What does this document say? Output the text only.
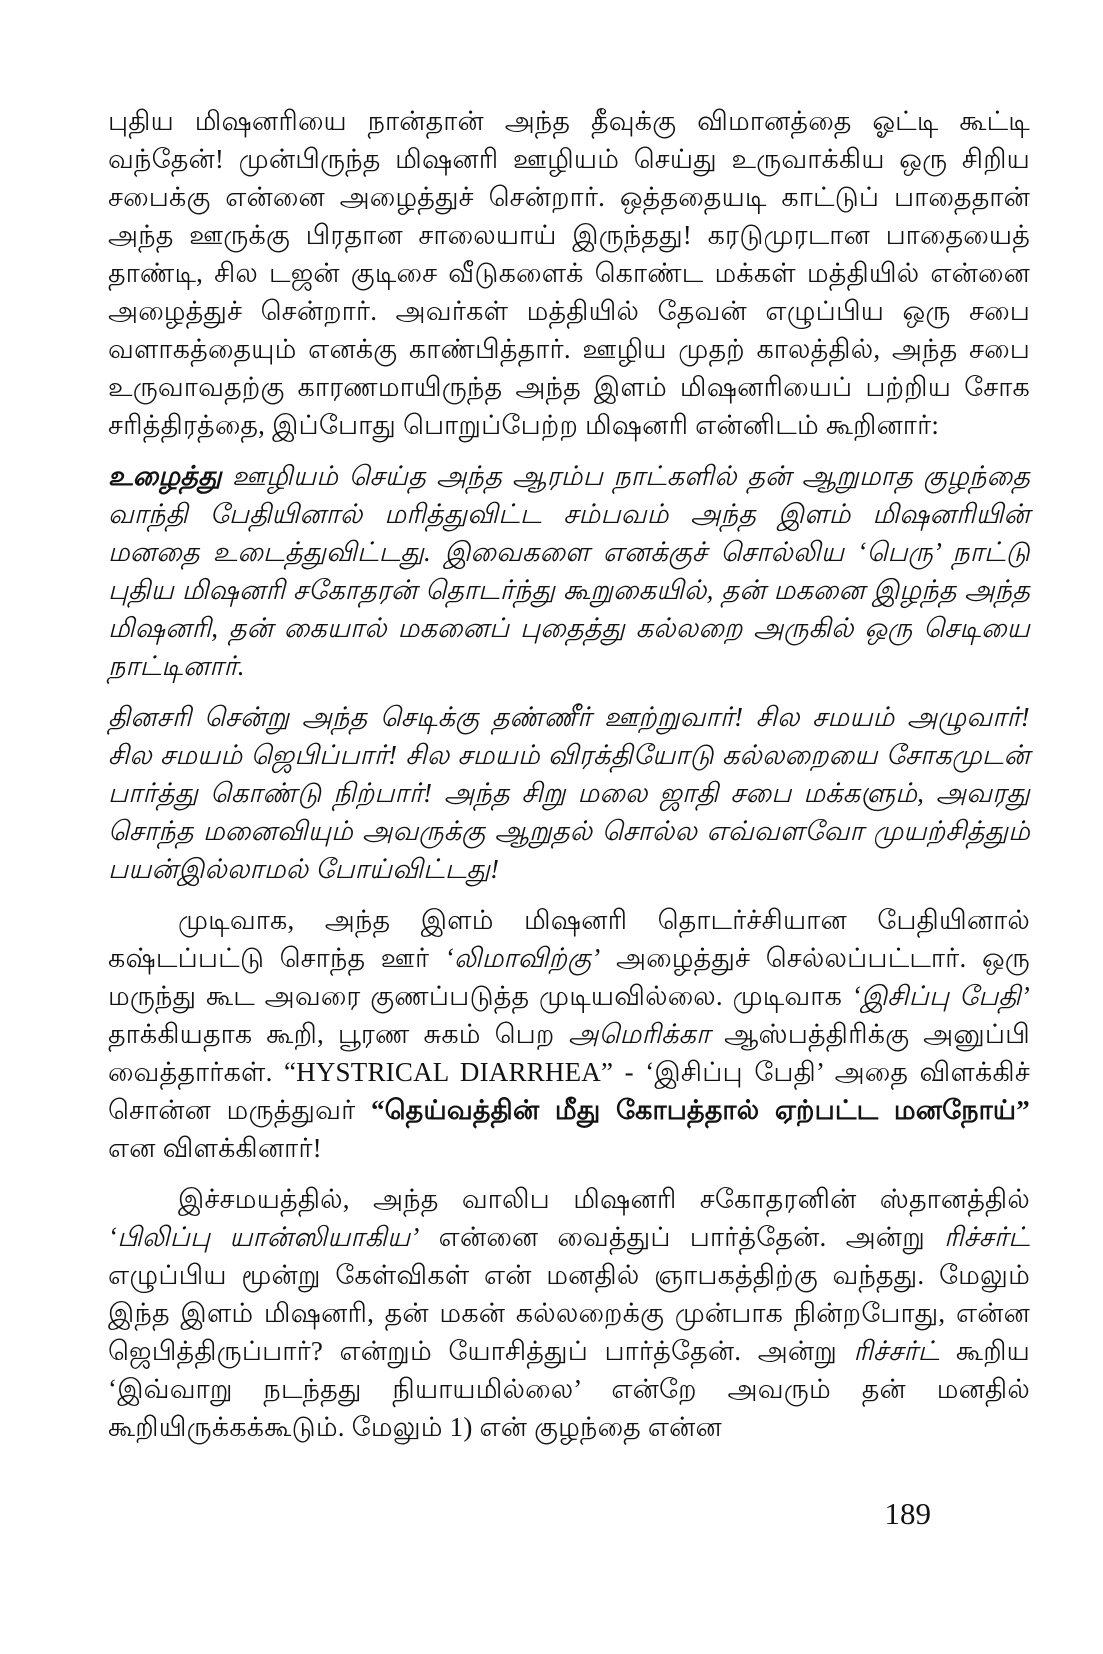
புதிய மிஷனரியை நான்தான் அந்த தீவுக்கு விமானத்தை ஓட்டி கூட்டி வந்தேன்! முன்பிருந்த மிஷனரி ஊழியம் செய்து உருவாக்கிய ஒரு சிறிய சபைக்கு என்னை அழைத்துச் சென்றார். ஒத்ததையடி காட்டுப் பாதைதான் அந்த ஊருக்கு பிரதான சாலையாய் இருந்தது! கரடுமுரடான பாதையைத் தாண்டி, சில டஜன் குடிசை வீடுகளைக் கொண்ட மக்கள் மத்தியில் என்னை அழைத்துச் சென்றார். அவர்கள் மத்தியில் தேவன் எழுப்பிய ஒரு சபை வளாகத்தையும் எனக்கு காண்பித்தார். ஊழிய முதற் காலத்தில், அந்த சபை உருவாவதற்கு காரணமாயிருந்த அந்த இளம் மிஷனரியைப் பற்றிய சோக சரித்திரத்தை, இப்போது பொறுப்பேற்ற மிஷனரி என்னிடம் கூறினார்:

உழைத்து ஊழியம் செய்த அந்த ஆரம்ப நாட்களில் தன் ஆறுமாத குழந்தை வாந்தி பேதியினால் மரித்துவிட்ட சம்பவம் அந்த இளம் மிஷனரியின் மனதை உடைத்துவிட்டது. இவைகளை எனக்குச் சொல்லிய ‘பெரு’ நாட்டு புதிய மிஷனரி சகோதரன் தொடர்ந்து கூறுகையில், தன் மகனை இழந்த அந்த மிஷனரி, தன் கையால் மகனைப் புதைத்து கல்லறை அருகில் ஒரு செடியை நாட்டினார்.

தினசரி சென்று அந்த செடிக்கு தண்ணீர் ஊற்றுவார்! சில சமயம் அழுவார்! சில சமயம் ஜெபிப்பார்! சில சமயம் விரக்தியோடு கல்லறையை சோகமுடன் பார்த்து கொண்டு நிற்பார்! அந்த சிறு மலை ஜாதி சபை மக்களும், அவரது சொந்த மனைவியும் அவருக்கு ஆறுதல் சொல்ல எவ்வளவோ முயற்சித்தும் பயன்இல்லாமல் போய்விட்டது!

முடிவாக, அந்த இளம் மிஷனரி தொடர்ச்சியான பேதியினால் கஷ்டப்பட்டு சொந்த ஊர் ‘லிமாவிற்கு’ அழைத்துச் செல்லப்பட்டார். ஒரு மருந்து கூட அவரை குணப்படுத்த முடியவில்லை. முடிவாக ‘இசிப்பு பேதி’ தாக்கியதாக கூறி, பூரண சுகம் பெற அமெரிக்கா ஆஸ்பத்திரிக்கு அனுப்பி வைத்தார்கள். “HYSTRICAL DIARRHEA” - ‘இசிப்பு பேதி’ அதை விளக்கிச் சொன்ன மருத்துவர் “தெய்வத்தின் மீது கோபத்தால் ஏற்பட்ட மனநோய்” என விளக்கினார்!

இச்சமயத்தில், அந்த வாலிப மிஷனரி சகோதரனின் ஸ்தானத்தில் ‘பிலிப்பு யான்ஸியாகிய’ என்னை வைத்துப் பார்த்தேன். அன்று ரிச்சர்ட் எழுப்பிய மூன்று கேள்விகள் என் மனதில் ஞாபகத்திற்கு வந்தது. மேலும் இந்த இளம் மிஷனரி, தன் மகன் கல்லறைக்கு முன்பாக நின்றபோது, என்ன ஜெபித்திருப்பார்? என்றும் யோசித்துப் பார்த்தேன். அன்று ரிச்சர்ட் கூறிய ‘இவ்வாறு நடந்தது நியாயமில்லை’ என்றே அவரும் தன் மனதில் கூறியிருக்கக்கூடும். மேலும் 1) என் குழந்தை என்ன

189
